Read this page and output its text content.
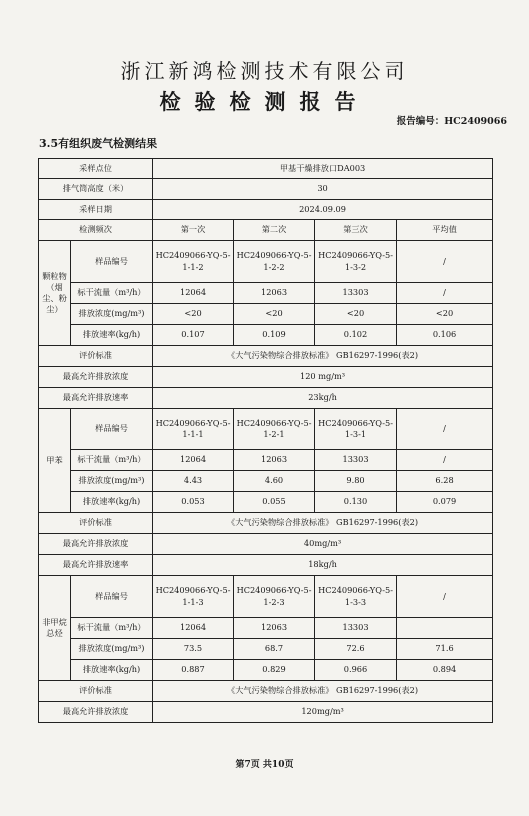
浙江新鸿检测技术有限公司
检验检测报告
报告编号：HC2409066
3.5有组织废气检测结果
采样点位		甲基干燥排放口DA003			
排气筒高度（米）		30			
采样日期		2024.09.09			
检测频次		第一次	第二次	第三次	平均值
颗粒物（烟尘、粉尘）	样品编号	HC2409066-YQ-5-1-1-2	HC2409066-YQ-5-1-2-2	HC2409066-YQ-5-1-3-2	/
	标干流量（m³/h）	12064	12063	13303	/
	排放浓度(mg/m³)	<20	<20	<20	<20
	排放速率(kg/h)	0.107	0.109	0.102	0.106
评价标准		《大气污染物综合排放标准》 GB16297-1996(表2)			
最高允许排放浓度		120 mg/m³			
最高允许排放速率		23kg/h			
甲苯	样品编号	HC2409066-YQ-5-1-1-1	HC2409066-YQ-5-1-2-1	HC2409066-YQ-5-1-3-1	/
	标干流量（m³/h）	12064	12063	13303	/
	排放浓度(mg/m³)	4.43	4.60	9.80	6.28
	排放速率(kg/h)	0.053	0.055	0.130	0.079
评价标准		《大气污染物综合排放标准》 GB16297-1996(表2)			
最高允许排放浓度		40mg/m³			
最高允许排放速率		18kg/h			
非甲烷总烃	样品编号	HC2409066-YQ-5-1-1-3	HC2409066-YQ-5-1-2-3	HC2409066-YQ-5-1-3-3	/
	标干流量（m³/h）	12064	12063	13303	
	排放浓度(mg/m³)	73.5	68.7	72.6	71.6
	排放速率(kg/h)	0.887	0.829	0.966	0.894
评价标准		《大气污染物综合排放标准》 GB16297-1996(表2)			
最高允许排放浓度		120mg/m³			
第7页 共10页
